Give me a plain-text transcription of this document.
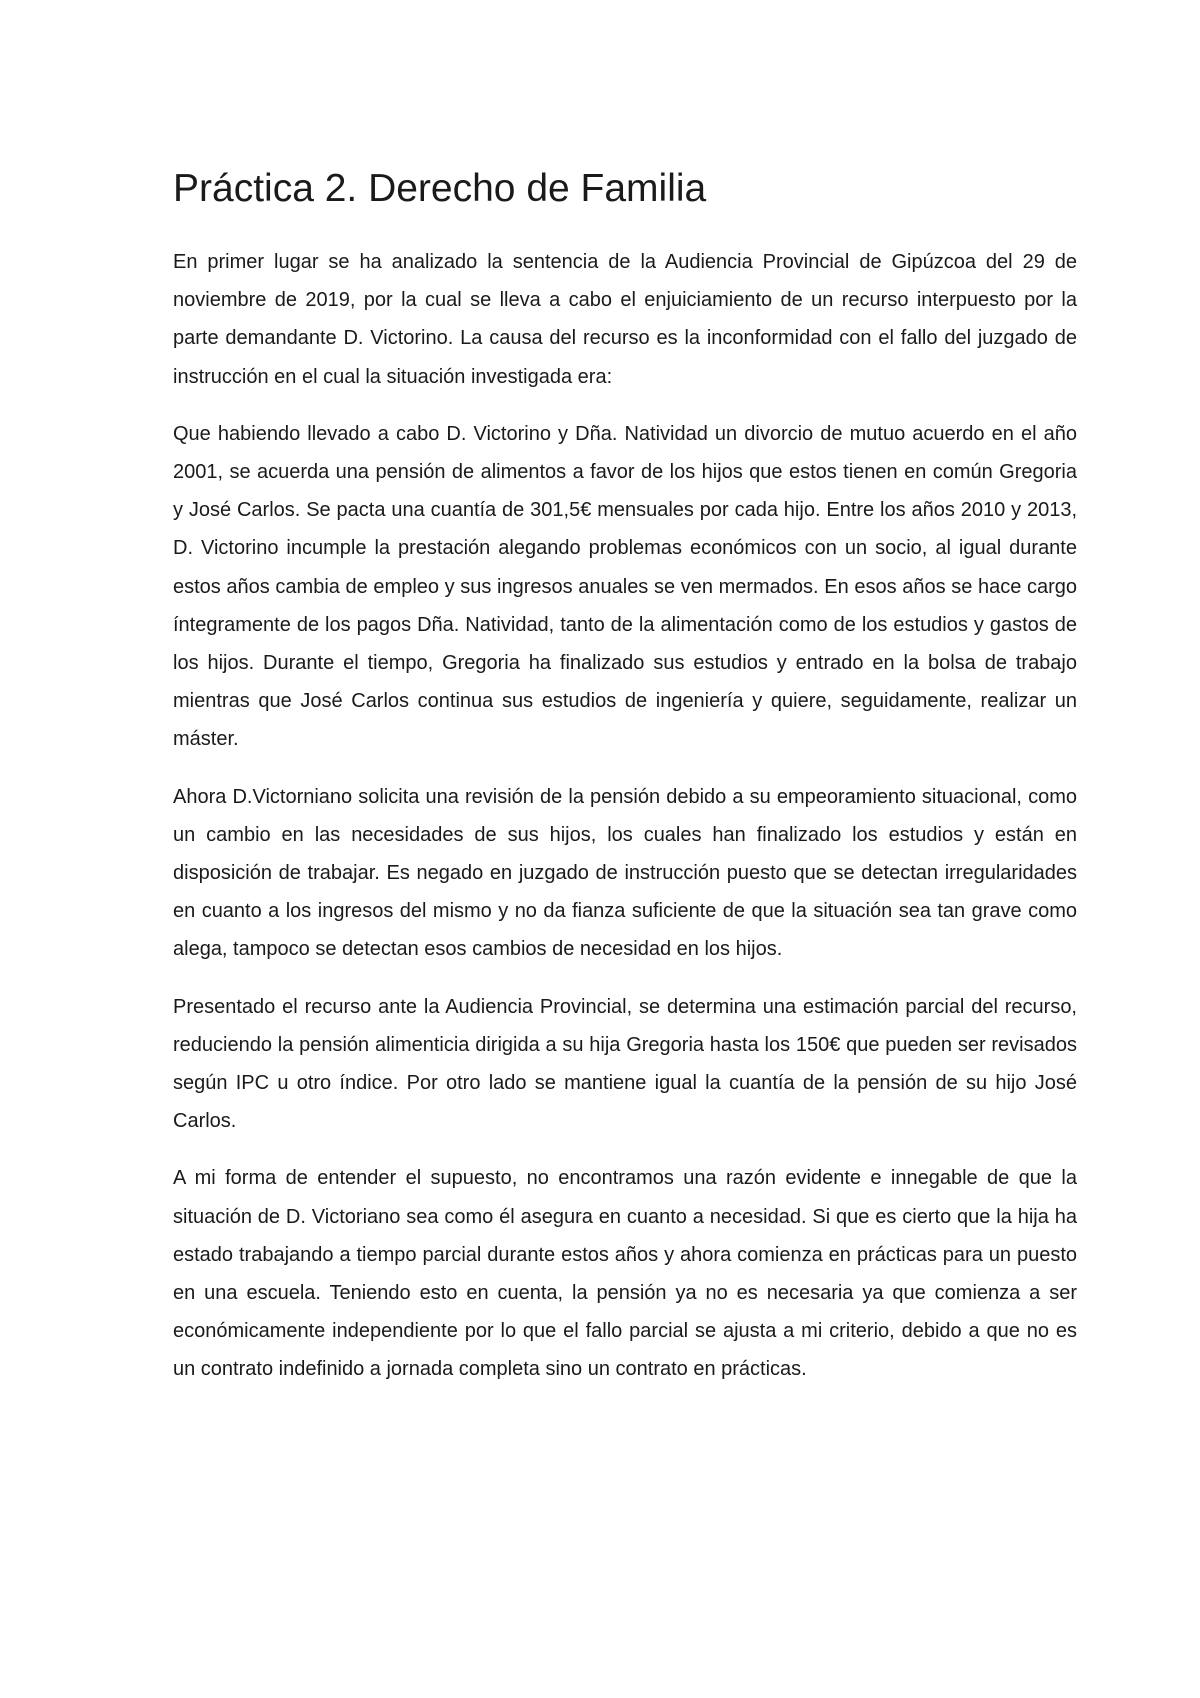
Práctica 2. Derecho de Familia

En primer lugar se ha analizado la sentencia de la Audiencia Provincial de Gipúzcoa del 29 de noviembre de 2019, por la cual se lleva a cabo el enjuiciamiento de un recurso interpuesto por la parte demandante D. Victorino. La causa del recurso es la inconformidad con el fallo del juzgado de instrucción en el cual la situación investigada era:

Que habiendo llevado a cabo D. Victorino y Dña. Natividad un divorcio de mutuo acuerdo en el año 2001, se acuerda una pensión de alimentos a favor de los hijos que estos tienen en común Gregoria y José Carlos. Se pacta una cuantía de 301,5€ mensuales por cada hijo. Entre los años 2010 y 2013, D. Victorino incumple la prestación alegando problemas económicos con un socio, al igual durante estos años cambia de empleo y sus ingresos anuales se ven mermados. En esos años se hace cargo íntegramente de los pagos Dña. Natividad, tanto de la alimentación como de los estudios y gastos de los hijos. Durante el tiempo, Gregoria ha finalizado sus estudios y entrado en la bolsa de trabajo mientras que José Carlos continua sus estudios de ingeniería y quiere, seguidamente, realizar un máster.

Ahora D.Victorniano solicita una revisión de la pensión debido a su empeoramiento situacional, como un cambio en las necesidades de sus hijos, los cuales han finalizado los estudios y están en disposición de trabajar. Es negado en juzgado de instrucción puesto que se detectan irregularidades en cuanto a los ingresos del mismo y no da fianza suficiente de que la situación sea tan grave como alega, tampoco se detectan esos cambios de necesidad en los hijos.

Presentado el recurso ante la Audiencia Provincial, se determina una estimación parcial del recurso, reduciendo la pensión alimenticia dirigida a su hija Gregoria hasta los 150€ que pueden ser revisados según IPC u otro índice. Por otro lado se mantiene igual la cuantía de la pensión de su hijo José Carlos.

A mi forma de entender el supuesto, no encontramos una razón evidente e innegable de que la situación de D. Victoriano sea como él asegura en cuanto a necesidad. Si que es cierto que la hija ha estado trabajando a tiempo parcial durante estos años y ahora comienza en prácticas para un puesto en una escuela. Teniendo esto en cuenta, la pensión ya no es necesaria ya que comienza a ser económicamente independiente por lo que el fallo parcial se ajusta a mi criterio, debido a que no es un contrato indefinido a jornada completa sino un contrato en prácticas.
